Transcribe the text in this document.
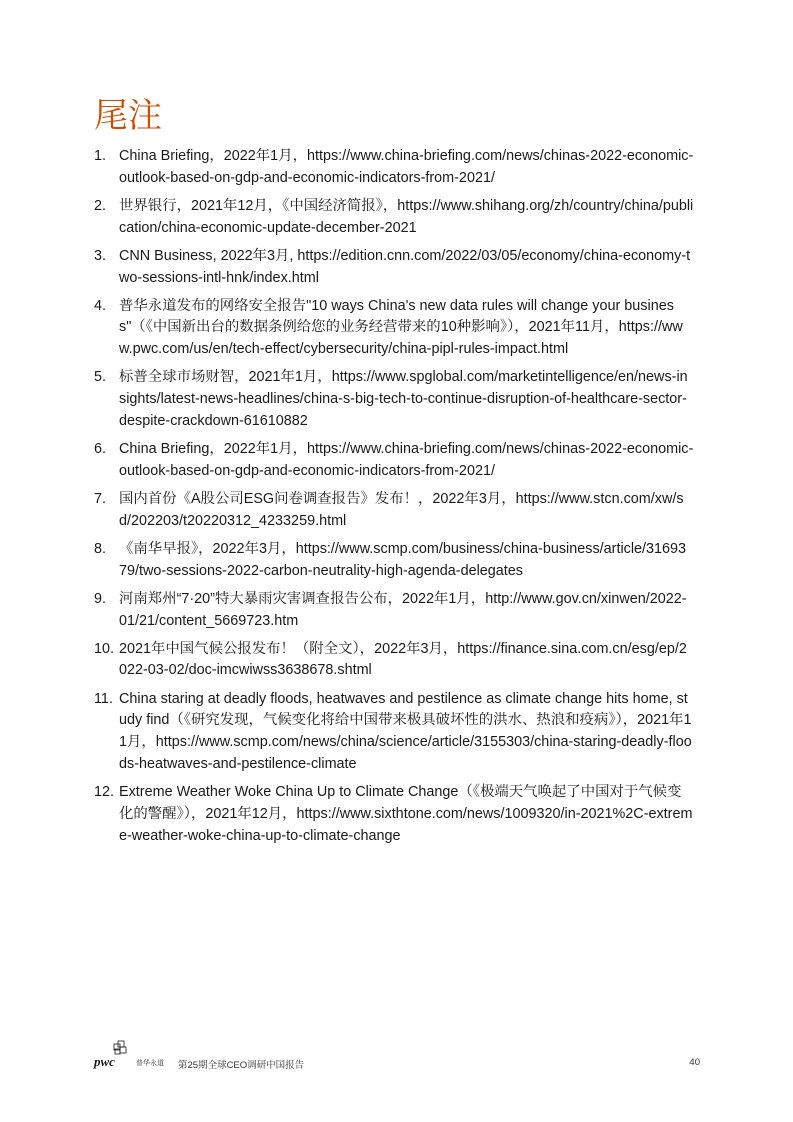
尾注
1. China Briefing，2022年1月，https://www.china-briefing.com/news/chinas-2022-economic-outlook-based-on-gdp-and-economic-indicators-from-2021/
2. 世界银行，2021年12月，《中国经济简报》，https://www.shihang.org/zh/country/china/publication/china-economic-update-december-2021
3. CNN Business, 2022年3月, https://edition.cnn.com/2022/03/05/economy/china-economy-two-sessions-intl-hnk/index.html
4. 普华永道发布的网络安全报告"10 ways China's new data rules will change your business"（《中国新出台的数据条例给您的业务经营带来的10种影响》），2021年11月，https://www.pwc.com/us/en/tech-effect/cybersecurity/china-pipl-rules-impact.html
5. 标普全球市场财智，2021年1月，https://www.spglobal.com/marketintelligence/en/news-insights/latest-news-headlines/china-s-big-tech-to-continue-disruption-of-healthcare-sector-despite-crackdown-61610882
6. China Briefing，2022年1月，https://www.china-briefing.com/news/chinas-2022-economic-outlook-based-on-gdp-and-economic-indicators-from-2021/
7. 国内首份《A股公司ESG问卷调查报告》发布！，2022年3月，https://www.stcn.com/xw/sd/202203/t20220312_4233259.html
8. 《南华早报》，2022年3月，https://www.scmp.com/business/china-business/article/3169379/two-sessions-2022-carbon-neutrality-high-agenda-delegates
9. 河南郑州“7·20”特大暴雨灾害调查报告公布，2022年1月，http://www.gov.cn/xinwen/2022-01/21/content_5669723.htm
10. 2021年中国气候公报发布！（附全文），2022年3月，https://finance.sina.com.cn/esg/ep/2022-03-02/doc-imcwiwss3638678.shtml
11. China staring at deadly floods, heatwaves and pestilence as climate change hits home, study find（《研究发现，气候变化将给中国带来极具破坏性的洪水、热浪和疫病》），2021年11月，https://www.scmp.com/news/china/science/article/3155303/china-staring-deadly-floods-heatwaves-and-pestilence-climate
12. Extreme Weather Woke China Up to Climate Change（《极端天气唤起了中国对于气候变化的警醒》），2021年12月，https://www.sixthtone.com/news/1009320/in-2021%2C-extreme-weather-woke-china-up-to-climate-change
pwc	普华永道 第25期全球CEO调研中国报告	40
